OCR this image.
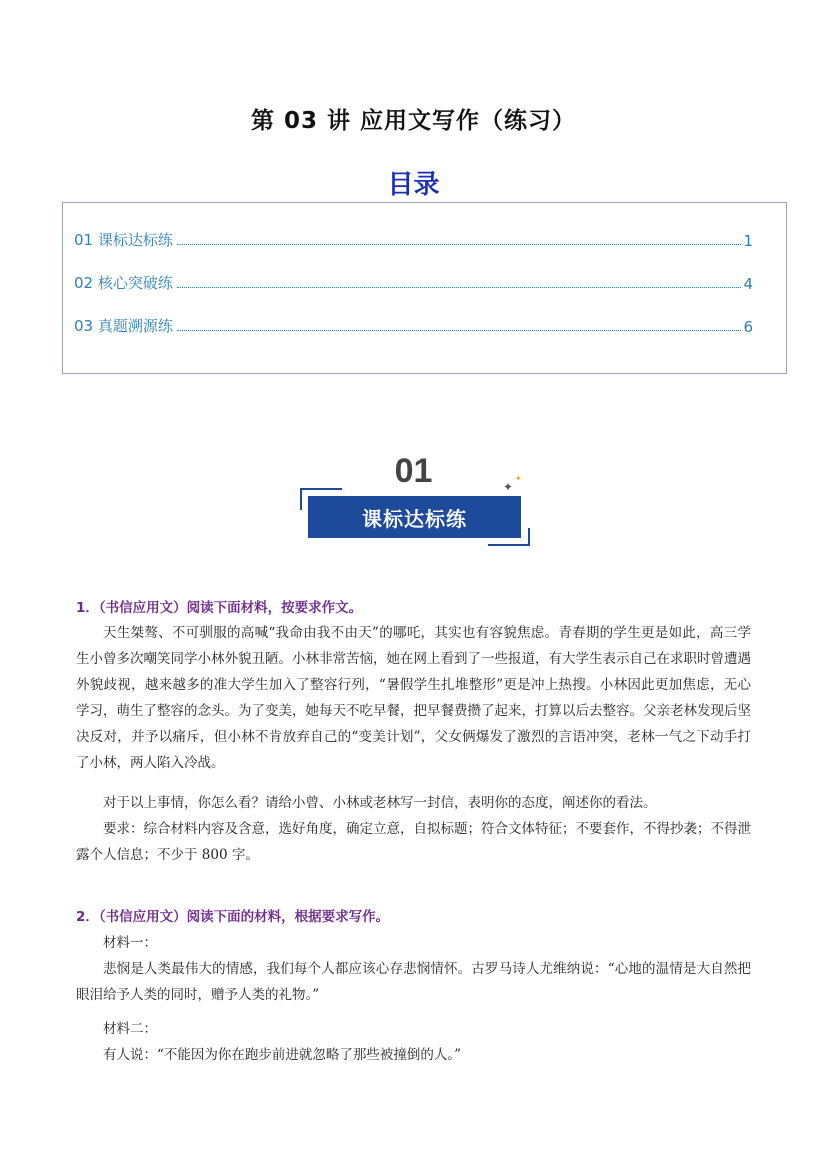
第 03 讲 应用文写作（练习）
目录
01 课标达标练	1
02 核心突破练	4
03 真题溯源练	6
01	✦
✦
课标达标练
1．（书信应用文）阅读下面材料，按要求作文。
天生桀骜、不可驯服的高喊“我命由我不由天”的哪吒，其实也有容貌焦虑。青春期的学生更是如此，高三学生小曾多次嘲笑同学小林外貌丑陋。小林非常苦恼，她在网上看到了一些报道，有大学生表示自己在求职时曾遭遇外貌歧视，越来越多的准大学生加入了整容行列，“暑假学生扎堆整形”更是冲上热搜。小林因此更加焦虑，无心学习，萌生了整容的念头。为了变美，她每天不吃早餐，把早餐费攒了起来，打算以后去整容。父亲老林发现后坚决反对，并予以痛斥，但小林不肯放弃自己的“变美计划”，父女俩爆发了激烈的言语冲突，老林一气之下动手打了小林，两人陷入冷战。
对于以上事情，你怎么看？请给小曾、小林或老林写一封信，表明你的态度，阐述你的看法。
要求：综合材料内容及含意，选好角度，确定立意，自拟标题；符合文体特征；不要套作，不得抄袭；不得泄露个人信息；不少于 800 字。
2．（书信应用文）阅读下面的材料，根据要求写作。
材料一：
悲悯是人类最伟大的情感，我们每个人都应该心存悲悯情怀。古罗马诗人尤维纳说：“心地的温情是大自然把眼泪给予人类的同时，赠予人类的礼物。”
材料二：
有人说：“不能因为你在跑步前进就忽略了那些被撞倒的人。”
